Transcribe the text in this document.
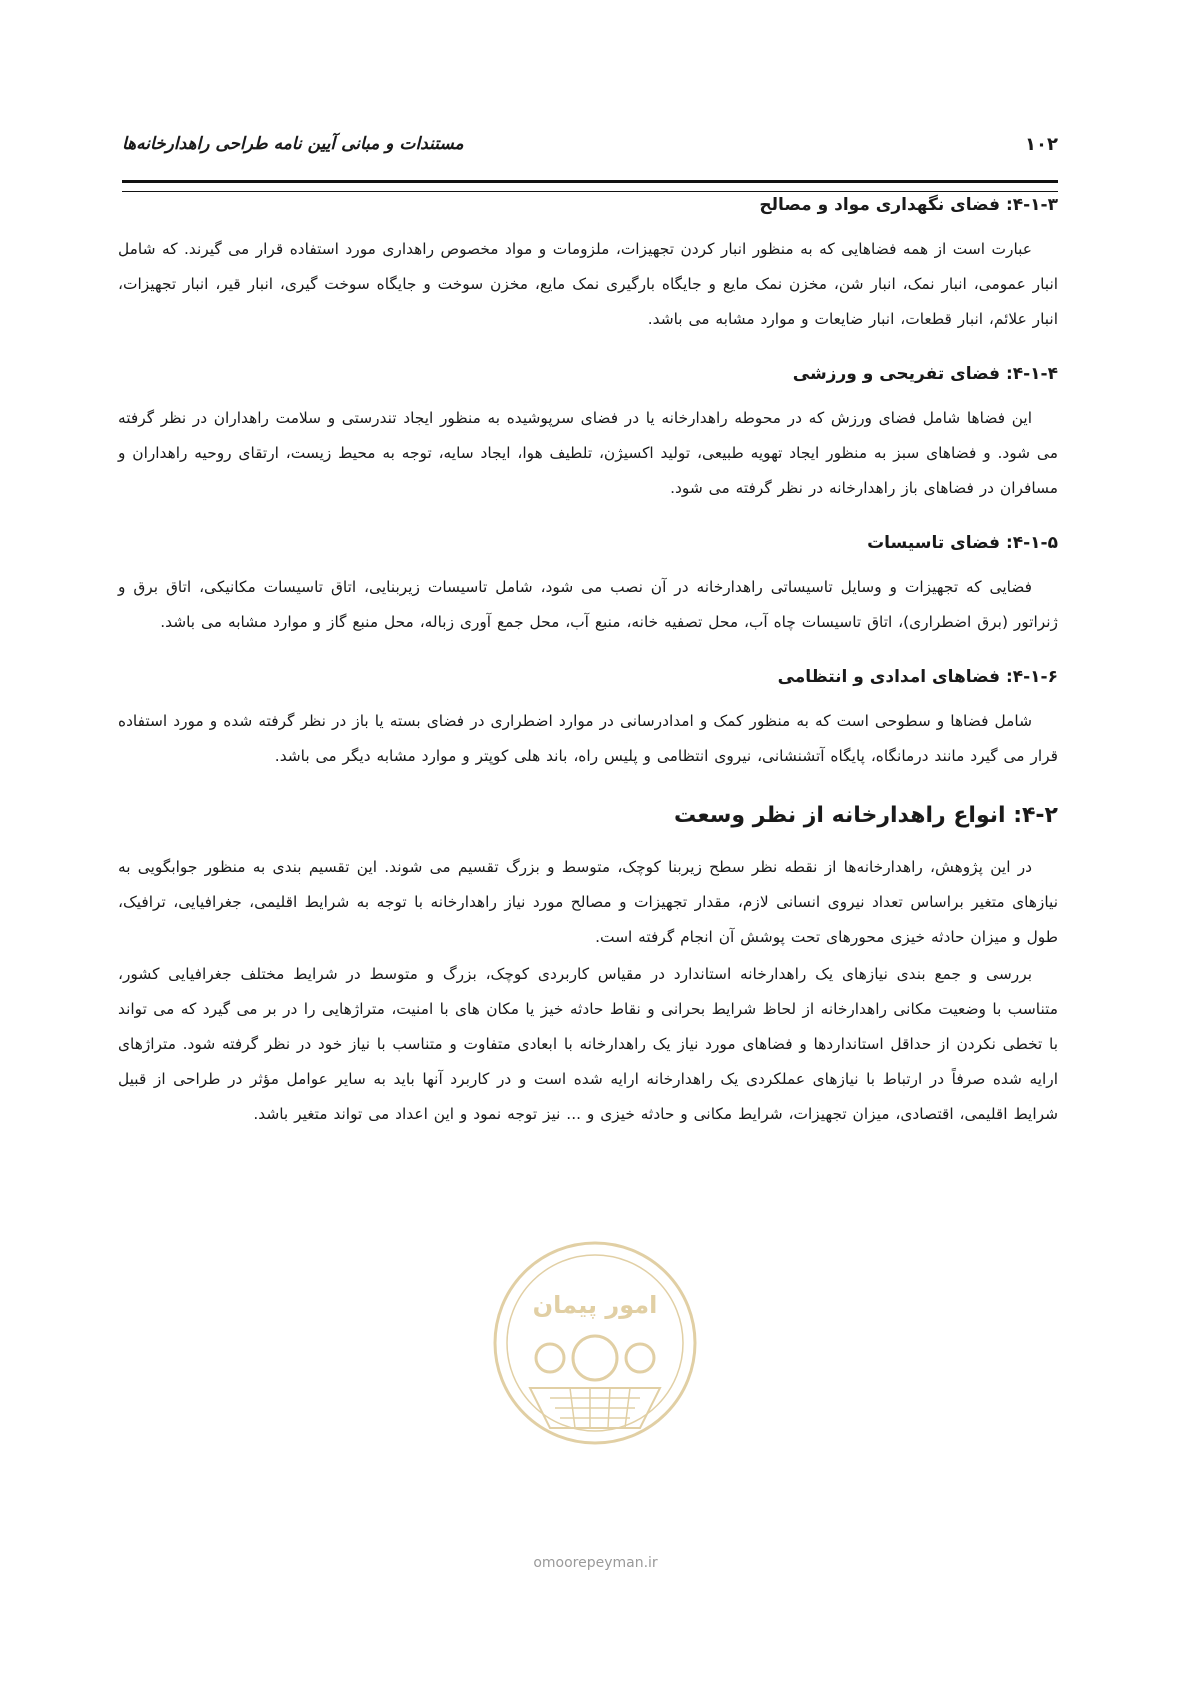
۱۰۲
مستندات و مبانی آیین نامه طراحی راهدارخانه‌ها
۴-۱-۳: فضای نگهداری مواد و مصالح

عبارت است از همه فضاهایی که به منظور انبار کردن تجهیزات، ملزومات و مواد مخصوص راهداری مورد استفاده قرار می گیرند. که شامل انبار عمومی، انبار نمک، انبار شن، مخزن نمک مایع و جایگاه بارگیری نمک مایع، مخزن سوخت و جایگاه سوخت گیری، انبار قیر، انبار تجهیزات، انبار علائم، انبار قطعات، انبار ضایعات و موارد مشابه می باشد.

۴-۱-۴: فضای تفریحی و ورزشی

این فضاها شامل فضای ورزش که در محوطه راهدارخانه یا در فضای سرپوشیده به منظور ایجاد تندرستی و سلامت راهداران در نظر گرفته می شود. و فضاهای سبز به منظور ایجاد تهویه طبیعی، تولید اکسیژن، تلطیف هوا، ایجاد سایه، توجه به محیط زیست، ارتقای روحیه راهداران و مسافران در فضاهای باز راهدارخانه در نظر گرفته می شود.

۴-۱-۵: فضای تاسیسات

فضایی که تجهیزات و وسایل تاسیساتی راهدارخانه در آن نصب می شود، شامل تاسیسات زیربنایی، اتاق تاسیسات مکانیکی، اتاق برق و ژنراتور (برق اضطراری)، اتاق تاسیسات چاه آب، محل تصفیه خانه، منبع آب، محل جمع آوری زباله، محل منبع گاز و موارد مشابه می باشد.

۴-۱-۶: فضاهای امدادی و انتظامی

شامل فضاها و سطوحی است که به منظور کمک و امدادرسانی در موارد اضطراری در فضای بسته یا باز در نظر گرفته شده و مورد استفاده قرار می گیرد مانند درمانگاه، پایگاه آتشنشانی، نیروی انتظامی و پلیس راه، باند هلی کوپتر و موارد مشابه دیگر می باشد.

۴-۲: انواع راهدارخانه از نظر وسعت

در این پژوهش، راهدارخانه‌ها از نقطه نظر سطح زیربنا کوچک، متوسط و بزرگ تقسیم می شوند. این تقسیم بندی به منظور جوابگویی به نیازهای متغیر براساس تعداد نیروی انسانی لازم، مقدار تجهیزات و مصالح مورد نیاز راهدارخانه با توجه به شرایط اقلیمی، جغرافیایی، ترافیک، طول و میزان حادثه خیزی محورهای تحت پوشش آن انجام گرفته است.

بررسی و جمع بندی نیازهای یک راهدارخانه استاندارد در مقیاس کاربردی کوچک، بزرگ و متوسط در شرایط مختلف جغرافیایی کشور، متناسب با وضعیت مکانی راهدارخانه از لحاظ شرایط بحرانی و نقاط حادثه خیز یا مکان های با امنیت، متراژهایی را در بر می گیرد که می تواند با تخطی نکردن از حداقل استانداردها و فضاهای مورد نیاز یک راهدارخانه با ابعادی متفاوت و متناسب با نیاز خود در نظر گرفته شود. متراژهای ارایه شده صرفاً در ارتباط با نیازهای عملکردی یک راهدارخانه ارایه شده است و در کاربرد آنها باید به سایر عوامل مؤثر در طراحی از قبیل شرایط اقلیمی، اقتصادی، میزان تجهیزات، شرایط مکانی و حادثه خیزی و ... نیز توجه نمود و این اعداد می تواند متغیر باشد.

امور پیمان
omoorepeyman.ir
